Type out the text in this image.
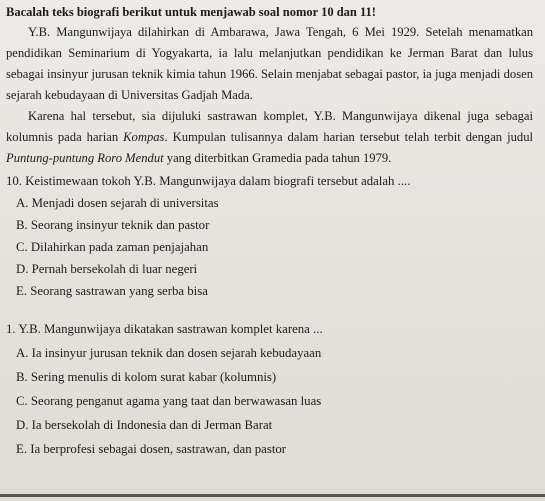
Bacalah teks biografi berikut untuk menjawab soal nomor 10 dan 11!

Y.B. Mangunwijaya dilahirkan di Ambarawa, Jawa Tengah, 6 Mei 1929. Setelah menamatkan pendidikan Seminarium di Yogyakarta, ia lalu melanjutkan pendidikan ke Jerman Barat dan lulus sebagai insinyur jurusan teknik kimia tahun 1966. Selain menjabat sebagai pastor, ia juga menjadi dosen sejarah kebudayaan di Universitas Gadjah Mada.

Karena hal tersebut, sia dijuluki sastrawan komplet, Y.B. Mangunwijaya dikenal juga sebagai kolumnis pada harian Kompas. Kumpulan tulisannya dalam harian tersebut telah terbit dengan judul Puntung-puntung Roro Mendut yang diterbitkan Gramedia pada tahun 1979.

10. Keistimewaan tokoh Y.B. Mangunwijaya dalam biografi tersebut adalah ....

A. Menjadi dosen sejarah di universitas

B. Seorang insinyur teknik dan pastor

C. Dilahirkan pada zaman penjajahan

D. Pernah bersekolah di luar negeri

E. Seorang sastrawan yang serba bisa

1. Y.B. Mangunwijaya dikatakan sastrawan komplet karena ...

A. Ia insinyur jurusan teknik dan dosen sejarah kebudayaan

B. Sering menulis di kolom surat kabar (kolumnis)

C. Seorang penganut agama yang taat dan berwawasan luas

D. Ia bersekolah di Indonesia dan di Jerman Barat

E. Ia berprofesi sebagai dosen, sastrawan, dan pastor
